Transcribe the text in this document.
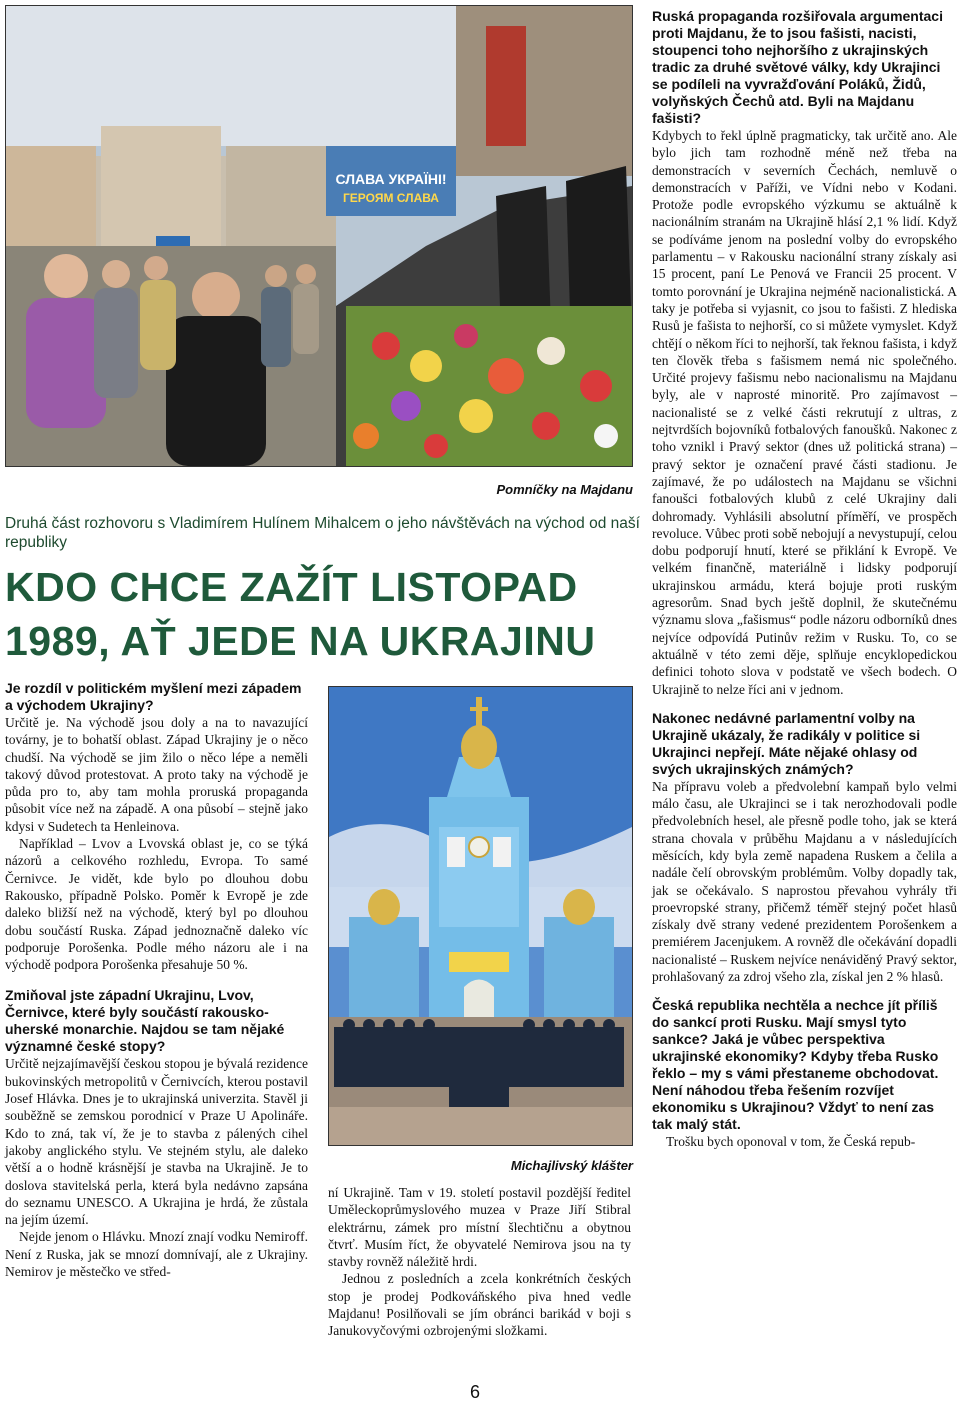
СЛАВА УКРАЇНІ!
ГЕРОЯМ СЛАВА
Pomníčky na Majdanu
Druhá část rozhovoru s Vladimírem Hulínem Mihalcem o jeho návštěvách na východ od naší republiky
KDO CHCE ZAŽÍT LISTOPAD
1989, AŤ JEDE NA UKRAJINU
Je rozdíl v politickém myšlení mezi západem a východem Ukrajiny?

Určitě je. Na východě jsou doly a na to navazující továrny, je to bohatší oblast. Západ Ukrajiny je o něco chudší. Na východě se jim žilo o něco lépe a neměli takový důvod protestovat. A proto taky na východě je půda pro to, aby tam mohla proruská propaganda působit více než na západě. A ona působí – stejně jako kdysi v Sudetech ta Henleinova.

Například – Lvov a Lvovská oblast je, co se týká názorů a celkového rozhledu, Evropa. To samé Černivce. Je vidět, kde bylo po dlouhou dobu Rakousko, případně Polsko. Poměr k Evropě je zde daleko bližší než na východě, který byl po dlouhou dobu součástí Ruska. Západ jednoznačně daleko víc podporuje Porošenka. Podle mého názoru ale i na východě podpora Porošenka přesahuje 50 %.

Zmiňoval jste západní Ukrajinu, Lvov, Černivce, které byly součástí rakousko-uherské monarchie. Najdou se tam nějaké významné české stopy?

Určitě nejzajímavější českou stopou je bývalá rezidence bukovinských metropolitů v Černivcích, kterou postavil Josef Hlávka. Dnes je to ukrajinská univerzita. Stavěl ji souběžně se zemskou porodnicí v Praze U Apolináře. Kdo to zná, tak ví, že je to stavba z pálených cihel jakoby anglického stylu. Ve stejném stylu, ale daleko větší a o hodně krásnější je stavba na Ukrajině. Je to doslova stavitelská perla, která byla nedávno zapsána do seznamu UNESCO. A Ukrajina je hrdá, že zůstala na jejím území.

Nejde jenom o Hlávku. Mnozí znají vodku Nemiroff. Není z Ruska, jak se mnozí domnívají, ale z Ukrajiny. Nemirov je městečko ve střed-

Michajlivský klášter

ní Ukrajině. Tam v 19. století postavil pozdější ředitel Uměleckoprůmyslového muzea v Praze Jiří Stibral elektrárnu, zámek pro místní šlechtičnu a obytnou čtvrť. Musím říct, že obyvatelé Nemirova jsou na ty stavby rovněž náležitě hrdi.

Jednou z posledních a zcela konkrétních českých stop je prodej Podkováňského piva hned vedle Majdanu! Posilňovali se jím obránci barikád v boji s Janukovyčovými ozbrojenými složkami.

Ruská propaganda rozšiřovala argumentaci proti Majdanu, že to jsou fašisti, nacisti, stoupenci toho nejhoršího z ukrajinských tradic za druhé světové války, kdy Ukrajinci se podíleli na vyvražďování Poláků, Židů, volyňských Čechů atd. Byli na Majdanu fašisti?

Kdybych to řekl úplně pragmaticky, tak určitě ano. Ale bylo jich tam rozhodně méně než třeba na demonstracích v severních Čechách, nemluvě o demonstracích v Paříži, ve Vídni nebo v Kodani. Protože podle evropského výzkumu se aktuálně k nacionálním stranám na Ukrajině hlásí 2,1 % lidí. Když se podíváme jenom na poslední volby do evropského parlamentu – v Rakousku nacionální strany získaly asi 15 procent, paní Le Penová ve Francii 25 procent. V tomto porovnání je Ukrajina nejméně nacionalistická. A taky je potřeba si vyjasnit, co jsou to fašisti. Z hlediska Rusů je fašista to nejhorší, co si můžete vymyslet. Když chtějí o někom říci to nejhorší, tak řeknou fašista, i když ten člověk třeba s fašismem nemá nic společného. Určité projevy fašismu nebo nacionalismu na Majdanu byly, ale v naprosté minoritě. Pro zajímavost – nacionalisté se z velké části rekrutují z ultras, z nejtvrdších bojovníků fotbalových fanoušků. Nakonec z toho vznikl i Pravý sektor (dnes už politická strana) – pravý sektor je označení pravé části stadionu. Je zajímavé, že po událostech na Majdanu se všichni fanoušci fotbalových klubů z celé Ukrajiny dali dohromady. Vyhlásili absolutní příměří, ve prospěch revoluce. Vůbec proti sobě nebojují a nevystupují, celou dobu podporují hnutí, které se přiklání k Evropě. Ve velkém finančně, materiálně i lidsky podporují ukrajinskou armádu, která bojuje proti ruským agresorům. Snad bych ještě doplnil, že skutečnému významu slova „fašismus“ podle názoru odborníků dnes nejvíce odpovídá Putinův režim v Rusku. To, co se aktuálně v této zemi děje, splňuje encyklopedickou definici tohoto slova v podstatě ve všech bodech. O Ukrajině to nelze říci ani v jednom.

Nakonec nedávné parlamentní volby na Ukrajině ukázaly, že radikály v politice si Ukrajinci nepřejí. Máte nějaké ohlasy od svých ukrajinských známých?

Na přípravu voleb a předvolební kampaň bylo velmi málo času, ale Ukrajinci se i tak nerozhodovali podle předvolebních hesel, ale přesně podle toho, jak se která strana chovala v průběhu Majdanu a v následujících měsících, kdy byla země napadena Ruskem a čelila a nadále čelí obrovským problémům. Volby dopadly tak, jak se očekávalo. S naprostou převahou vyhrály tři proevropské strany, přičemž téměř stejný počet hlasů získaly dvě strany vedené prezidentem Porošenkem a premiérem Jacenjukem. A rovněž dle očekávání dopadli nacionalisté – Ruskem nejvíce nenáviděný Pravý sektor, prohlašovaný za zdroj všeho zla, získal jen 2 % hlasů.

Česká republika nechtěla a nechce jít příliš do sankcí proti Rusku. Mají smysl tyto sankce? Jaká je vůbec perspektiva ukrajinské ekonomiky? Kdyby třeba Rusko řeklo – my s vámi přestaneme obchodovat. Není náhodou třeba řešením rozvíjet ekonomiku s Ukrajinou? Vždyť to není zas tak malý stát.

Trošku bych oponoval v tom, že Česká repub-

6
